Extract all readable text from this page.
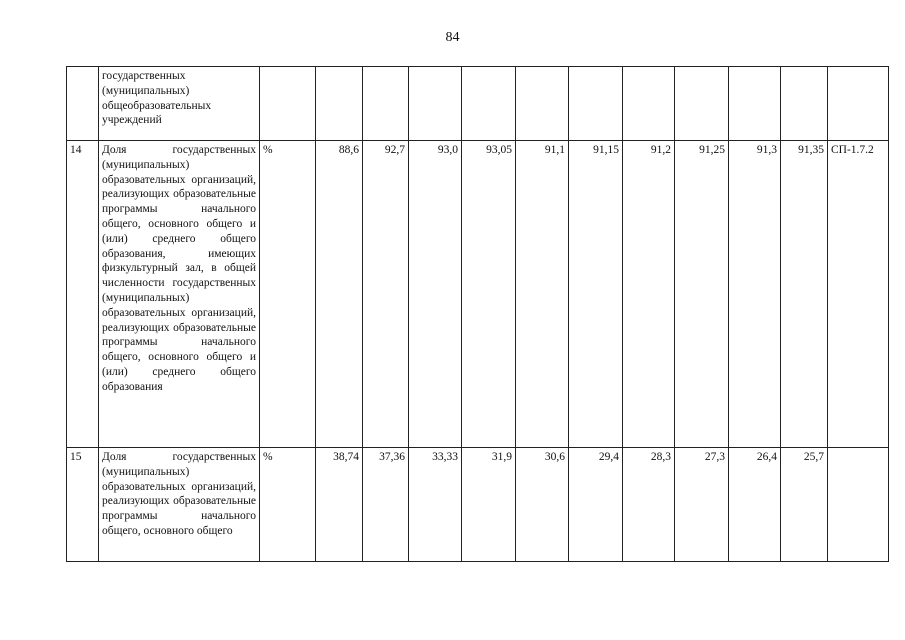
84
	государственных (муниципальных) общеобразовательных учреждений												
14	Доля государственных (муниципальных) образовательных организаций, реализующих образовательные программы начального общего, основного общего и (или) среднего общего образования, имеющих физкультурный зал, в общей численности государственных (муниципальных) образовательных организаций, реализующих образовательные программы начального общего, основного общего и (или) среднего общего образования	%	88,6	92,7	93,0	93,05	91,1	91,15	91,2	91,25	91,3	91,35	СП-1.7.2
15	Доля государственных (муниципальных) образовательных организаций, реализующих образовательные программы начального общего, основного общего	%	38,74	37,36	33,33	31,9	30,6	29,4	28,3	27,3	26,4	25,7	
